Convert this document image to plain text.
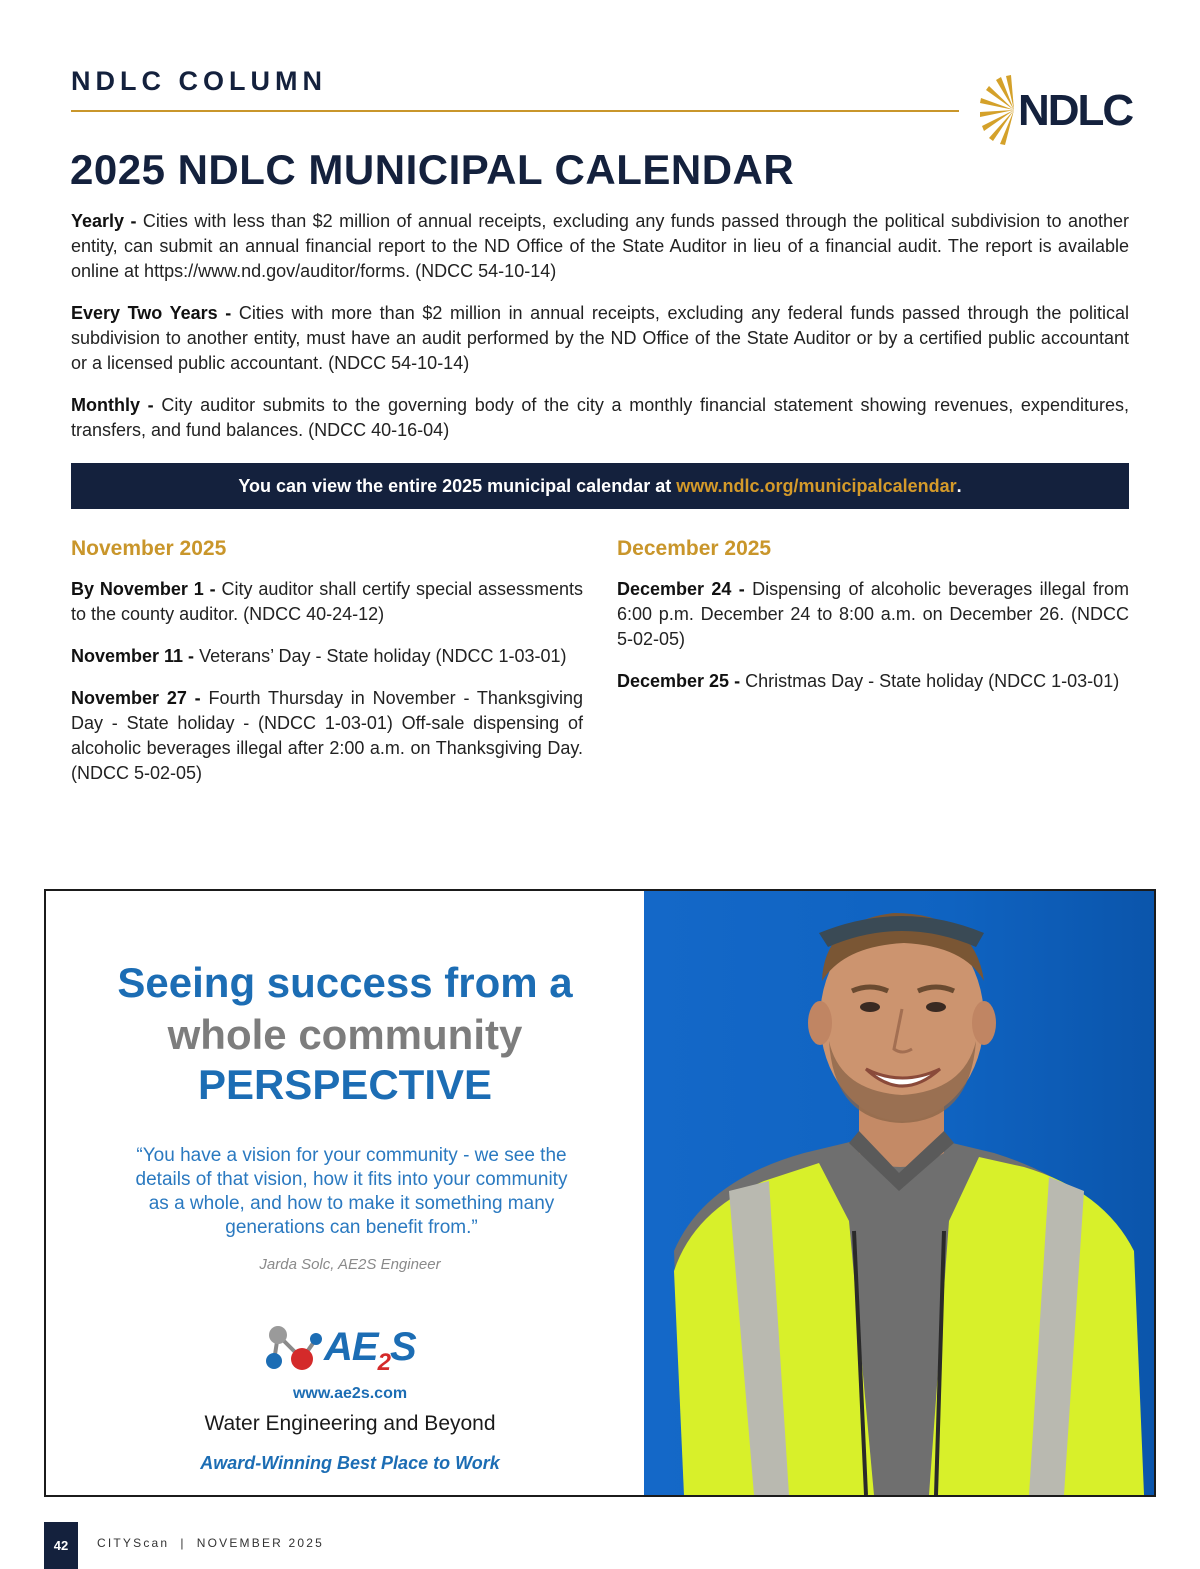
NDLC COLUMN
NDLC
2025 NDLC MUNICIPAL CALENDAR
Yearly - Cities with less than $2 million of annual receipts, excluding any funds passed through the political subdivision to another entity, can submit an annual financial report to the ND Office of the State Auditor in lieu of a financial audit. The report is available online at https://www.nd.gov/auditor/forms. (NDCC 54-10-14)
Every Two Years - Cities with more than $2 million in annual receipts, excluding any federal funds passed through the political subdivision to another entity, must have an audit performed by the ND Office of the State Auditor or by a certified public accountant or a licensed public accountant. (NDCC 54-10-14)
Monthly - City auditor submits to the governing body of the city a monthly financial statement showing revenues, expenditures, transfers, and fund balances. (NDCC 40-16-04)
You can view the entire 2025 municipal calendar at
www.ndlc.org/municipalcalendar .
November 2025
By November 1 - City auditor shall certify special assessments to the county auditor. (NDCC 40-24-12)
November 11 - Veterans’ Day - State holiday (NDCC 1-03-01)
November 27 - Fourth Thursday in November - Thanksgiving Day - State holiday - (NDCC 1-03-01) Off-sale dispensing of alcoholic beverages illegal after 2:00 a.m. on Thanksgiving Day. (NDCC 5-02-05)
December 2025
December 24 - Dispensing of alcoholic beverages illegal from 6:00 p.m. December 24 to 8:00 a.m. on December 26. (NDCC 5-02-05)
December 25 - Christmas Day - State holiday (NDCC 1-03-01)
Seeing success from a
whole community
PERSPECTIVE
“You have a vision for your community - we see the details of that vision, how it fits into your community as a whole, and how to make it something many generations can benefit from.”
Jarda Solc, AE2S Engineer
$AE_2S$
www.ae2s.com
Water Engineering and Beyond
Award-Winning Best Place to Work
42	CITYScan  |  NOVEMBER 2025
